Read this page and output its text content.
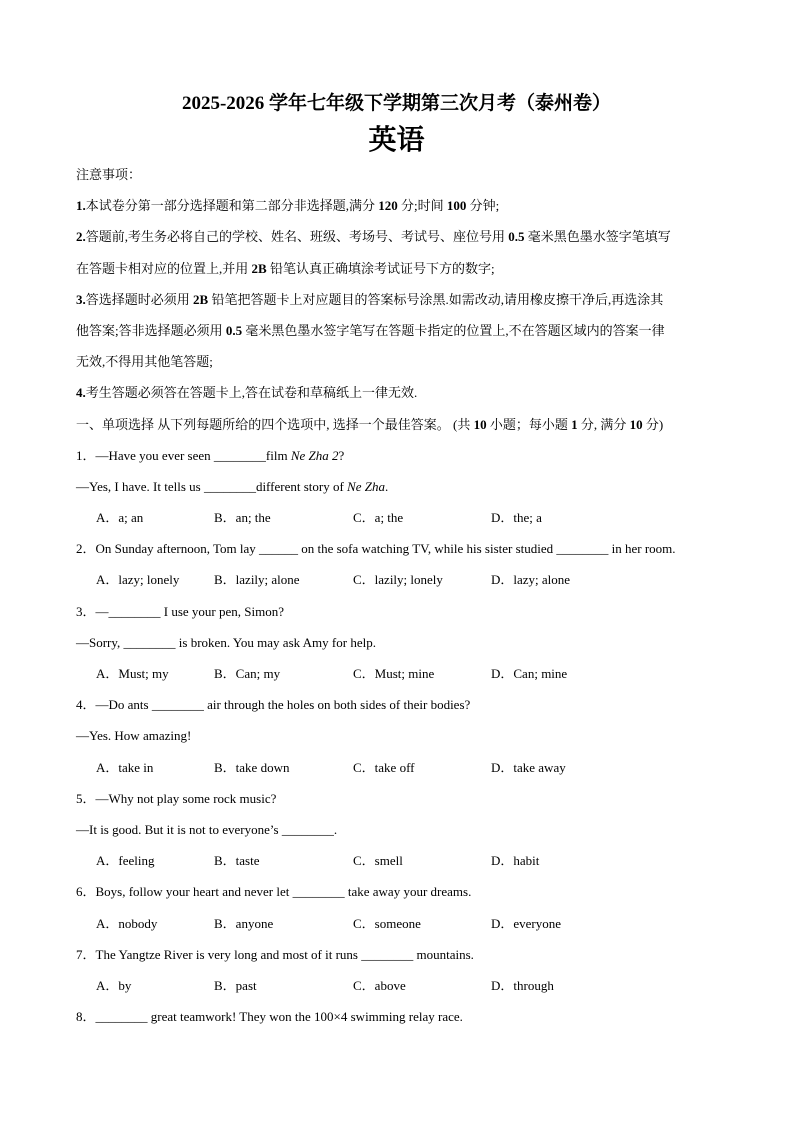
2025-2026 学年七年级下学期第三次月考（泰州卷）
英语
注意事项：
1.本试卷分第一部分选择题和第二部分非选择题,满分 120 分;时间 100 分钟;
2.答题前,考生务必将自己的学校、姓名、班级、考场号、考试号、座位号用 0.5 毫米黑色墨水签字笔填写
在答题卡相对应的位置上,并用 2B 铅笔认真正确填涂考试证号下方的数字;
3.答选择题时必须用 2B 铅笔把答题卡上对应题目的答案标号涂黑.如需改动,请用橡皮擦干净后,再选涂其
他答案;答非选择题必须用 0.5 毫米黑色墨水签字笔写在答题卡指定的位置上,不在答题区域内的答案一律
无效,不得用其他笔答题;
4.考生答题必须答在答题卡上,答在试卷和草稿纸上一律无效.
一、单项选择 从下列每题所给的四个选项中, 选择一个最佳答案。 (共 10 小题；每小题 1 分, 满分 10 分)
1．—Have you ever seen ________film Ne Zha 2?
—Yes, I have. It tells us ________different story of Ne Zha.
A．a; an	B．an; the	C．a; the	D．the; a
2．On Sunday afternoon, Tom lay ______ on the sofa watching TV, while his sister studied ________ in her room.
A．lazy; lonely	B．lazily; alone	C．lazily; lonely	D．lazy; alone
3．—________ I use your pen, Simon?
—Sorry, ________ is broken. You may ask Amy for help.
A．Must; my	B．Can; my	C．Must; mine	D．Can; mine
4．—Do ants ________ air through the holes on both sides of their bodies?
—Yes. How amazing!
A．take in	B．take down	C．take off	D．take away
5．—Why not play some rock music?
—It is good. But it is not to everyone’s ________.
A．feeling	B．taste	C．smell	D．habit
6．Boys, follow your heart and never let ________ take away your dreams.
A．nobody	B．anyone	C．someone	D．everyone
7．The Yangtze River is very long and most of it runs ________ mountains.
A．by	B．past	C．above	D．through
8．________ great teamwork! They won the 100×4 swimming relay race.
